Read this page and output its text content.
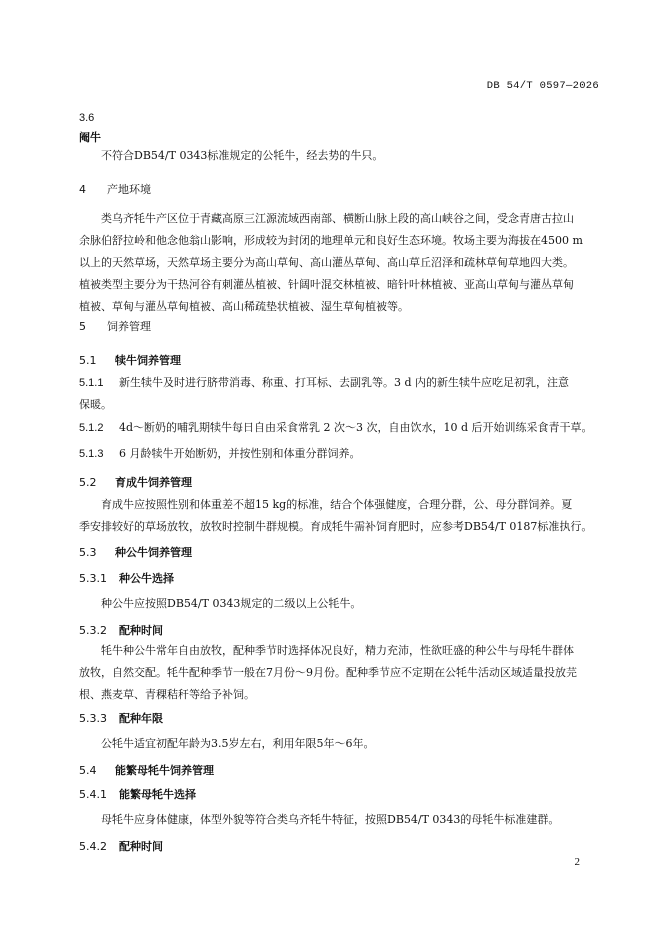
DB 54/T 0597—2026
3.6
阉牛
不符合DB54/T 0343标准规定的公牦牛，经去势的牛只。
4 产地环境
类乌齐牦牛产区位于青藏高原三江源流域西南部、横断山脉上段的高山峡谷之间，受念青唐古拉山
余脉伯舒拉岭和他念他翁山影响，形成较为封闭的地理单元和良好生态环境。牧场主要为海拔在4500 m
以上的天然草场，天然草场主要分为高山草甸、高山灌丛草甸、高山草丘沼泽和疏林草甸草地四大类。
植被类型主要分为干热河谷有刺灌丛植被、针阔叶混交林植被、暗针叶林植被、亚高山草甸与灌丛草甸
植被、草甸与灌丛草甸植被、高山稀疏垫状植被、湿生草甸植被等。
5 饲养管理
5.1 犊牛饲养管理
5.1.1 新生犊牛及时进行脐带消毒、称重、打耳标、去副乳等。3 d 内的新生犊牛应吃足初乳，注意
保暖。
5.1.2 4d～断奶的哺乳期犊牛每日自由采食常乳 2 次～3 次，自由饮水，10 d 后开始训练采食青干草。
5.1.3 6 月龄犊牛开始断奶，并按性别和体重分群饲养。
5.2 育成牛饲养管理
育成牛应按照性别和体重差不超15 kg的标准，结合个体强健度，合理分群，公、母分群饲养。夏
季安排较好的草场放牧，放牧时控制牛群规模。育成牦牛需补饲育肥时，应参考DB54/T 0187标准执行。
5.3 种公牛饲养管理
5.3.1 种公牛选择
种公牛应按照DB54/T 0343规定的二级以上公牦牛。
5.3.2 配种时间
牦牛种公牛常年自由放牧，配种季节时选择体况良好，精力充沛，性欲旺盛的种公牛与母牦牛群体
放牧，自然交配。牦牛配种季节一般在7月份～9月份。配种季节应不定期在公牦牛活动区域适量投放芫
根、燕麦草、青稞秸秆等给予补饲。
5.3.3 配种年限
公牦牛适宜初配年龄为3.5岁左右，利用年限5年～6年。
5.4 能繁母牦牛饲养管理
5.4.1 能繁母牦牛选择
母牦牛应身体健康，体型外貌等符合类乌齐牦牛特征，按照DB54/T 0343的母牦牛标准建群。
5.4.2 配种时间
2
